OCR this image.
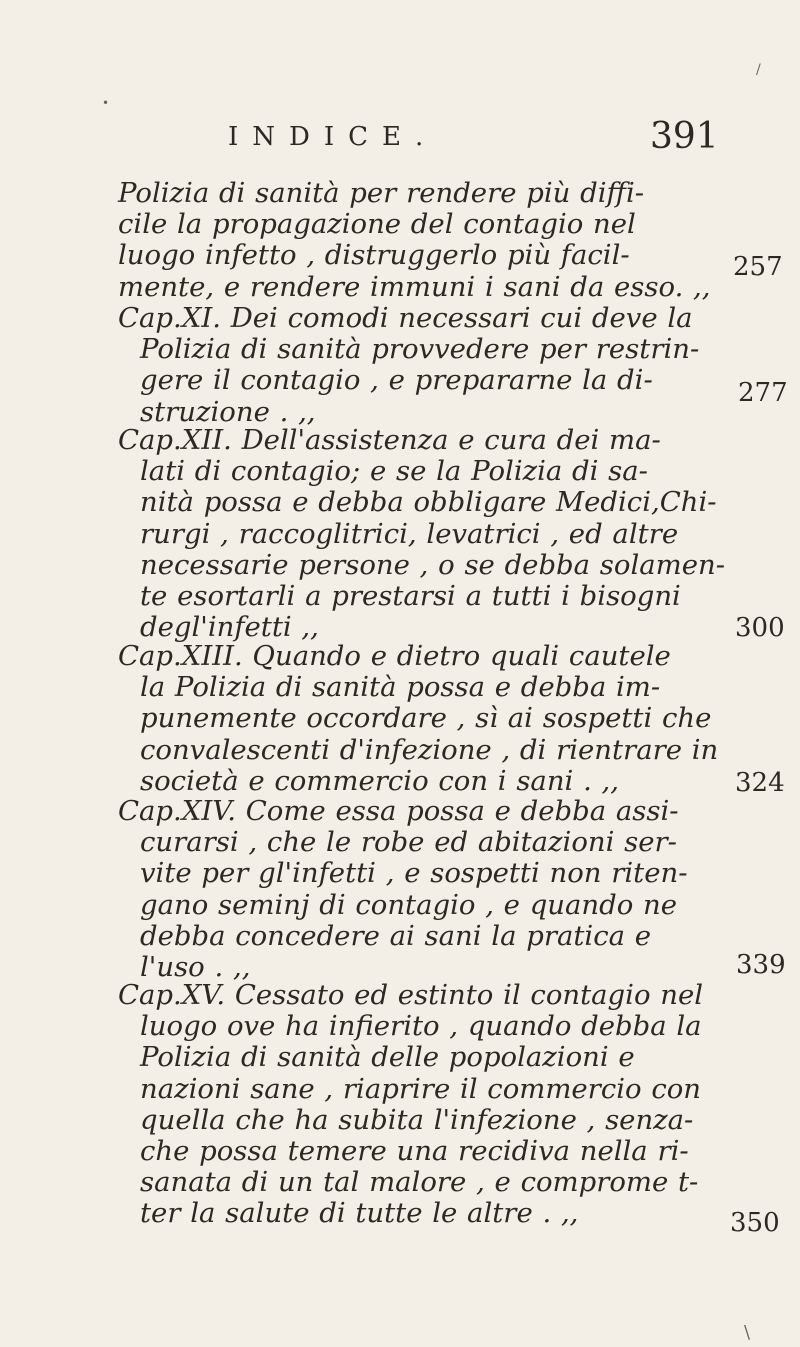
INDICE.	391
Polizia di sanità per rendere più diffi-
cile la propagazione del contagio nel
luogo infetto , distruggerlo più facil-
mente, e rendere immuni i sani da esso. ,,
257
Cap.XI. Dei comodi necessari cui deve la
Polizia di sanità provvedere per restrin-
gere il contagio , e prepararne la di-
struzione . ,,
277
Cap.XII. Dell'assistenza e cura dei ma-
lati di contagio; e se la Polizia di sa-
nità possa e debba obbligare Medici,Chi-
rurgi , raccoglitrici, levatrici , ed altre
necessarie persone , o se debba solamen-
te esortarli a prestarsi a tutti i bisogni
degl'infetti ,,	300
Cap.XIII. Quando e dietro quali cautele
la Polizia di sanità possa e debba im-
punemente occordare , sì ai sospetti che
convalescenti d'infezione , di rientrare in
società e commercio con i sani . ,,	324
Cap.XIV. Come essa possa e debba assi-
curarsi , che le robe ed abitazioni ser-
vite per gl'infetti , e sospetti non riten-
gano seminj di contagio , e quando ne
debba concedere ai sani la pratica e
l'uso . ,,	339
Cap.XV. Cessato ed estinto il contagio nel
luogo ove ha infierito , quando debba la
Polizia di sanità delle popolazioni e
nazioni sane , riaprire il commercio con
quella che ha subita l'infezione , senza-
che possa temere una recidiva nella ri-
sanata di un tal malore , e comprome t-
ter la salute di tutte le altre . ,,	350
/
•
\
